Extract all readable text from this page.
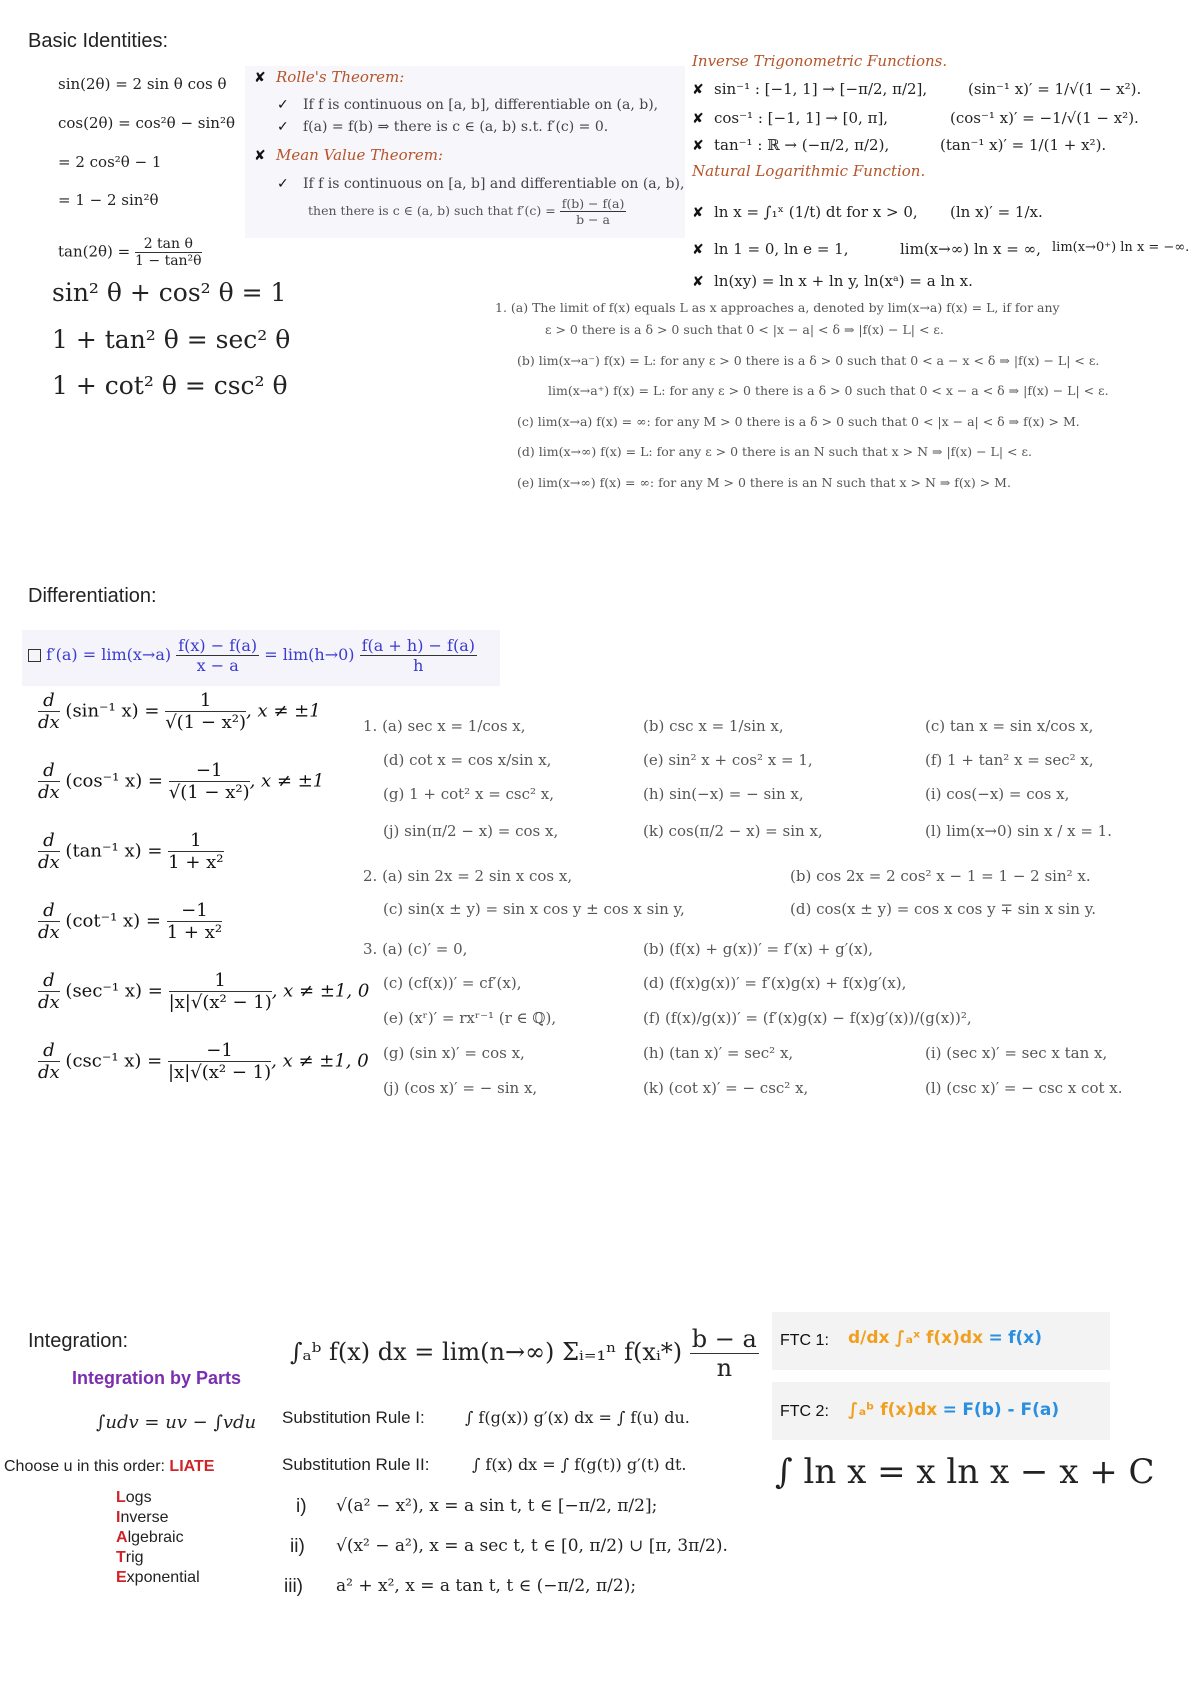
Basic Identities:
sin(2θ) = 2 sin θ cos θ
cos(2θ) = cos²θ − sin²θ
= 2 cos²θ − 1
= 1 − 2 sin²θ
$\tan(2\theta) = \frac{\text{2 tan θ}}{\text{1 − tan²θ}}$
sin² θ + cos² θ = 1
1 + tan² θ = sec² θ
1 + cot² θ = csc² θ
✘ Rolle's Theorem:
✓ If f is continuous on [a, b], differentiable on (a, b),
✓ f(a) = f(b) ⇒ there is c ∈ (a, b) s.t. f′(c) = 0.
✘ Mean Value Theorem:
✓ If f is continuous on [a, b] and differentiable on (a, b),
then there is c ∈ (a, b) such that $f'(c) = \frac{f(b) - f(a)}{b - a}$
Inverse Trigonometric Functions.
✘ sin⁻¹ : [−1, 1] → [−π/2, π/2],	(sin⁻¹ x)′ = 1/√(1 − x²).
✘ cos⁻¹ : [−1, 1] → [0, π],	(cos⁻¹ x)′ = −1/√(1 − x²).
✘ tan⁻¹ : ℝ → (−π/2, π/2),	(tan⁻¹ x)′ = 1/(1 + x²).
Natural Logarithmic Function.
✘ ln x = ∫₁ˣ (1/t) dt for x > 0, (ln x)′ = 1/x.
✘ ln 1 = 0, ln e = 1,	lim(x→∞) ln x = ∞, lim(x→0⁺) ln x = −∞.
✘ ln(xy) = ln x + ln y, ln(xᵃ) = a ln x.
1. (a) The limit of f(x) equals L as x approaches a, denoted by lim(x→a) f(x) = L, if for any
ε > 0 there is a δ > 0 such that 0 < |x − a| < δ ⇒ |f(x) − L| < ε.
(b) lim(x→a⁻) f(x) = L: for any ε > 0 there is a δ > 0 such that 0 < a − x < δ ⇒ |f(x) − L| < ε.
lim(x→a⁺) f(x) = L: for any ε > 0 there is a δ > 0 such that 0 < x − a < δ ⇒ |f(x) − L| < ε.
(c) lim(x→a) f(x) = ∞: for any M > 0 there is a δ > 0 such that 0 < |x − a| < δ ⇒ f(x) > M.
(d) lim(x→∞) f(x) = L: for any ε > 0 there is an N such that x > N ⇒ |f(x) − L| < ε.
(e) lim(x→∞) f(x) = ∞: for any M > 0 there is an N such that x > N ⇒ f(x) > M.
Differentiation:
$f'(a) = \lim(x\to a) \frac{f(x) - f(a)}{x - a} = \lim(h\to 0) \frac{f(a + h) - f(a)}{h}$
$\frac{d}{dx} (\sin^{-1}$ $x) = \frac{1}{\text{√(1 − x²)}}$ , x ≠ ±1
$\frac{d}{dx} (\cos^{-1}$ $x) = \frac{-1}{\text{√(1 − x²)}}$ , x ≠ ±1
$\frac{d}{dx} (\tan^{-1}$ $x) = \frac{1}{\text{1 + x²}}$
$\frac{d}{dx} (\cot^{-1}$ $x) = \frac{-1}{\text{1 + x²}}$
$\frac{d}{dx} (\sec^{-1}$ $x) = \frac{1}{\text{|x|√(x² − 1)}}$ , x ≠ ±1, 0
$\frac{d}{dx} (\csc^{-1}$ $x) = \frac{-1}{\text{|x|√(x² − 1)}}$ , x ≠ ±1, 0
1. (a) sec x = 1/cos x,	(b) csc x = 1/sin x,	(c) tan x = sin x/cos x,
(d) cot x = cos x/sin x,	(e) sin² x + cos² x = 1,	(f) 1 + tan² x = sec² x,
(g) 1 + cot² x = csc² x,	(h) sin(−x) = − sin x,	(i) cos(−x) = cos x,
(j) sin(π/2 − x) = cos x,	(k) cos(π/2 − x) = sin x,	(l) lim(x→0) sin x / x = 1.
2. (a) sin 2x = 2 sin x cos x,	(b) cos 2x = 2 cos² x − 1 = 1 − 2 sin² x.
(c) sin(x ± y) = sin x cos y ± cos x sin y,	(d) cos(x ± y) = cos x cos y ∓ sin x sin y.
3. (a) (c)′ = 0,	(b) (f(x) + g(x))′ = f′(x) + g′(x),
(c) (cf(x))′ = cf′(x),	(d) (f(x)g(x))′ = f′(x)g(x) + f(x)g′(x),
(e) (xʳ)′ = rxʳ⁻¹ (r ∈ ℚ),	(f) (f(x)/g(x))′ = (f′(x)g(x) − f(x)g′(x))/(g(x))²,
(g) (sin x)′ = cos x,	(h) (tan x)′ = sec² x,	(i) (sec x)′ = sec x tan x,
(j) (cos x)′ = − sin x,	(k) (cot x)′ = − csc² x,	(l) (csc x)′ = − csc x cot x.
Integration:	∫ₐᵇ f(x) dx = lim(n→∞) Σᵢ₌₁ⁿ f(xᵢ*) $\frac{b - a}{n}$
Substitution Rule I:	∫ f(g(x)) g′(x) dx = ∫ f(u) du.
Substitution Rule II:	∫ f(x) dx = ∫ f(g(t)) g′(t) dt.
i) √(a² − x²), x = a sin t, t ∈ [−π/2, π/2];
ii) √(x² − a²), x = a sec t, t ∈ [0, π/2) ∪ [π, 3π/2).
iii) a² + x², x = a tan t, t ∈ (−π/2, π/2);
Integration by Parts
∫udv = uv − ∫vdu
Choose u in this order: LIATE
Logs
Inverse
Algebraic
Trig
Exponential
FTC 1: d/dx ∫ₐˣ f(x)dx = f(x)
FTC 2: ∫ₐᵇ f(x)dx = F(b) - F(a)
∫ ln x = x ln x − x + C
